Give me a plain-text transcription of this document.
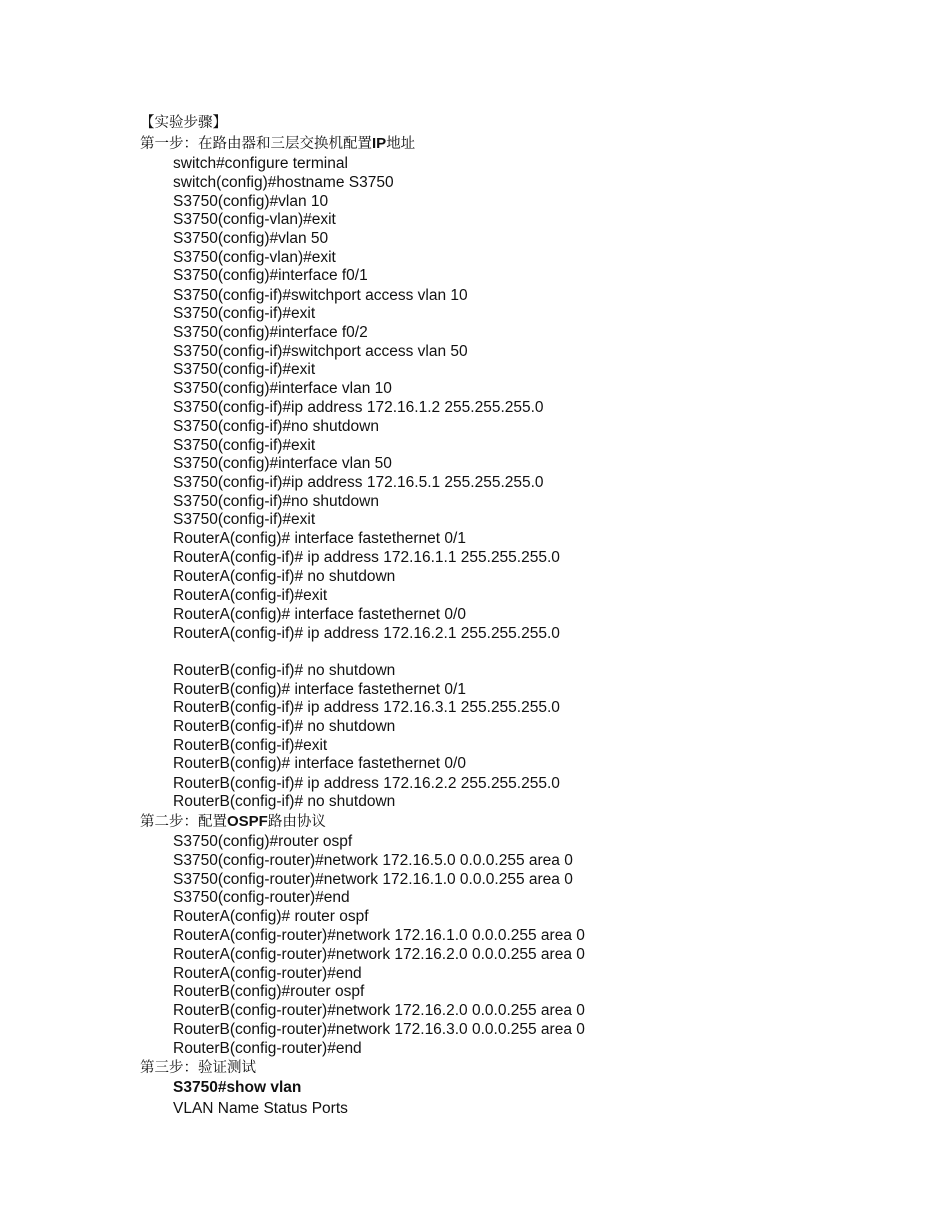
【实验步骤】
第一步：在路由器和三层交换机配置IP地址
switch#configure terminal
switch(config)#hostname S3750
S3750(config)#vlan 10
S3750(config-vlan)#exit
S3750(config)#vlan 50
S3750(config-vlan)#exit
S3750(config)#interface f0/1
S3750(config-if)#switchport access vlan 10
S3750(config-if)#exit
S3750(config)#interface f0/2
S3750(config-if)#switchport access vlan 50
S3750(config-if)#exit
S3750(config)#interface vlan 10
S3750(config-if)#ip address 172.16.1.2 255.255.255.0
S3750(config-if)#no shutdown
S3750(config-if)#exit
S3750(config)#interface vlan 50
S3750(config-if)#ip address 172.16.5.1 255.255.255.0
S3750(config-if)#no shutdown
S3750(config-if)#exit
RouterA(config)# interface fastethernet 0/1
RouterA(config-if)# ip address 172.16.1.1 255.255.255.0
RouterA(config-if)# no shutdown
RouterA(config-if)#exit
RouterA(config)# interface fastethernet 0/0
RouterA(config-if)# ip address 172.16.2.1 255.255.255.0
RouterB(config-if)# no shutdown
RouterB(config)# interface fastethernet 0/1
RouterB(config-if)# ip address 172.16.3.1 255.255.255.0
RouterB(config-if)# no shutdown
RouterB(config-if)#exit
RouterB(config)# interface fastethernet 0/0
RouterB(config-if)# ip address 172.16.2.2 255.255.255.0
RouterB(config-if)# no shutdown
第二步：配置OSPF路由协议
S3750(config)#router ospf
S3750(config-router)#network 172.16.5.0 0.0.0.255 area 0
S3750(config-router)#network 172.16.1.0 0.0.0.255 area 0
S3750(config-router)#end
RouterA(config)# router ospf
RouterA(config-router)#network 172.16.1.0 0.0.0.255 area 0
RouterA(config-router)#network 172.16.2.0 0.0.0.255 area 0
RouterA(config-router)#end
RouterB(config)#router ospf
RouterB(config-router)#network 172.16.2.0 0.0.0.255 area 0
RouterB(config-router)#network 172.16.3.0 0.0.0.255 area 0
RouterB(config-router)#end
第三步：验证测试
S3750#show vlan
VLAN Name Status Ports
